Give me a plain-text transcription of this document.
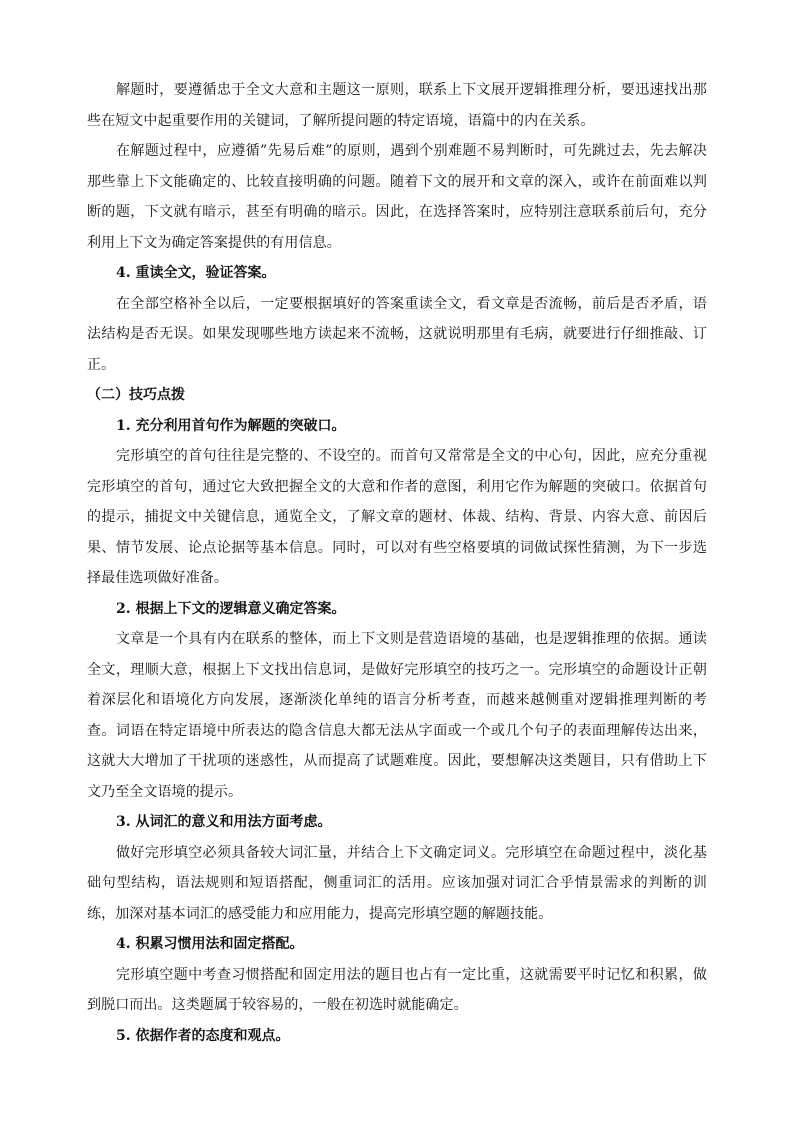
解题时，要遵循忠于全文大意和主题这一原则，联系上下文展开逻辑推理分析，要迅速找出那些在短文中起重要作用的关键词，了解所提问题的特定语境，语篇中的内在关系。

在解题过程中，应遵循”先易后难”的原则，遇到个别难题不易判断时，可先跳过去，先去解决那些靠上下文能确定的、比较直接明确的问题。随着下文的展开和文章的深入，或许在前面难以判断的题，下文就有暗示，甚至有明确的暗示。因此，在选择答案时，应特别注意联系前后句，充分利用上下文为确定答案提供的有用信息。

4. 重读全文，验证答案。

在全部空格补全以后，一定要根据填好的答案重读全文，看文章是否流畅，前后是否矛盾，语法结构是否无误。如果发现哪些地方读起来不流畅，这就说明那里有毛病，就要进行仔细推敲、订正。

（二）技巧点拨

1. 充分利用首句作为解题的突破口。

完形填空的首句往往是完整的、不设空的。而首句又常常是全文的中心句，因此，应充分重视完形填空的首句，通过它大致把握全文的大意和作者的意图，利用它作为解题的突破口。依据首句的提示，捕捉文中关键信息，通览全文，了解文章的题材、体裁、结构、背景、内容大意、前因后果、情节发展、论点论据等基本信息。同时，可以对有些空格要填的词做试探性猜测，为下一步选择最佳选项做好准备。

2. 根据上下文的逻辑意义确定答案。

文章是一个具有内在联系的整体，而上下文则是营造语境的基础，也是逻辑推理的依据。通读全文，理顺大意，根据上下文找出信息词，是做好完形填空的技巧之一。完形填空的命题设计正朝着深层化和语境化方向发展，逐渐淡化单纯的语言分析考查，而越来越侧重对逻辑推理判断的考查。词语在特定语境中所表达的隐含信息大都无法从字面或一个或几个句子的表面理解传达出来，这就大大增加了干扰项的迷惑性，从而提高了试题难度。因此，要想解决这类题目，只有借助上下文乃至全文语境的提示。

3. 从词汇的意义和用法方面考虑。

做好完形填空必须具备较大词汇量，并结合上下文确定词义。完形填空在命题过程中，淡化基础句型结构，语法规则和短语搭配，侧重词汇的活用。应该加强对词汇合乎情景需求的判断的训练，加深对基本词汇的感受能力和应用能力，提高完形填空题的解题技能。

4. 积累习惯用法和固定搭配。

完形填空题中考查习惯搭配和固定用法的题目也占有一定比重，这就需要平时记忆和积累，做到脱口而出。这类题属于较容易的，一般在初选时就能确定。

5. 依据作者的态度和观点。
